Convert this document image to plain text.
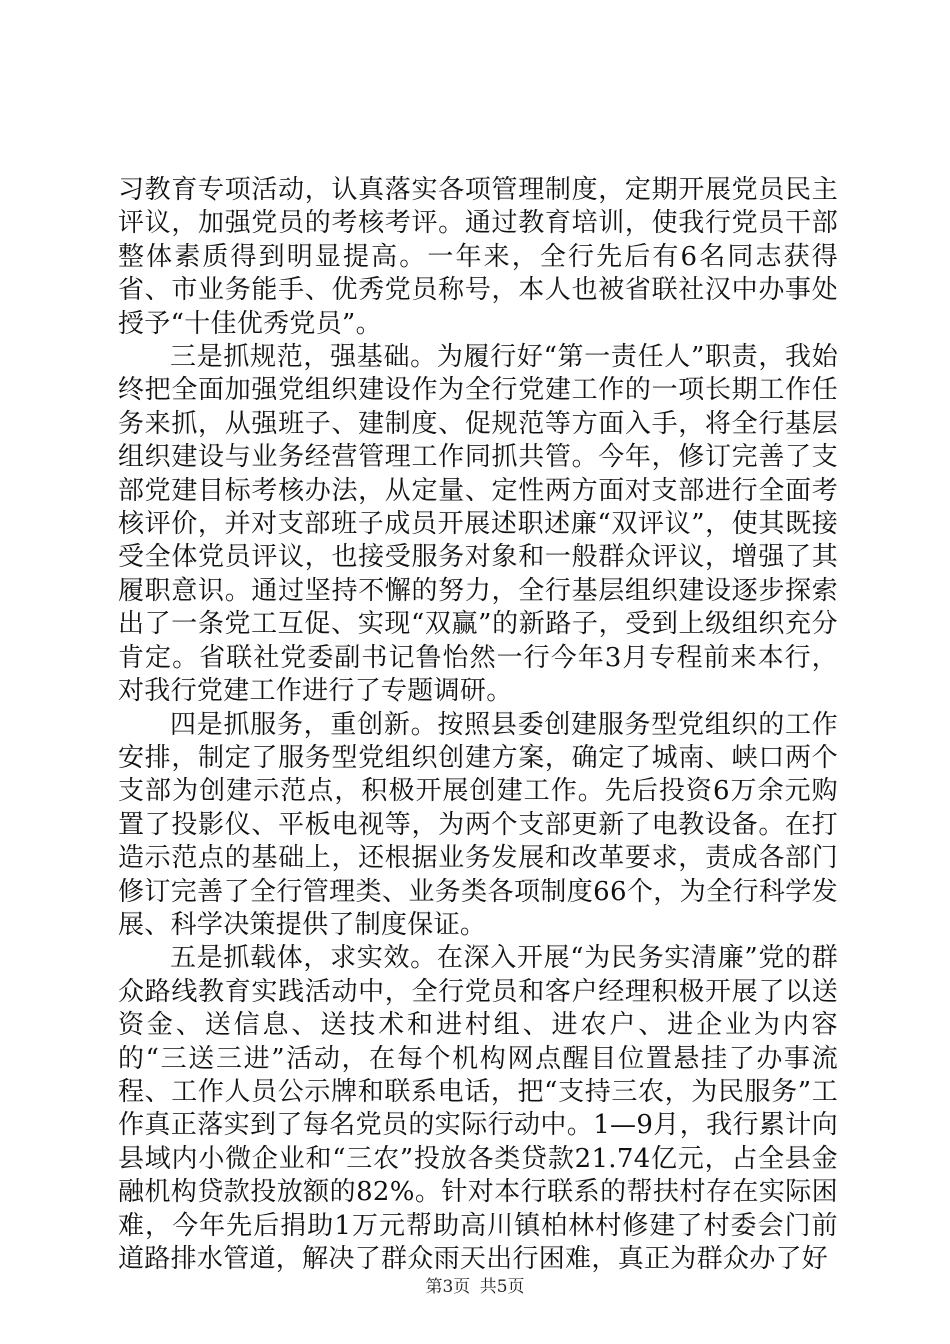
习教育专项活动，认真落实各项管理制度，定期开展党员民主评议，加强党员的考核考评。通过教育培训，使我行党员干部整体素质得到明显提高。一年来，全行先后有6名同志获得省、市业务能手、优秀党员称号，本人也被省联社汉中办事处授予“十佳优秀党员”。

三是抓规范，强基础。为履行好“第一责任人”职责，我始终把全面加强党组织建设作为全行党建工作的一项长期工作任务来抓，从强班子、建制度、促规范等方面入手，将全行基层组织建设与业务经营管理工作同抓共管。今年，修订完善了支部党建目标考核办法，从定量、定性两方面对支部进行全面考核评价，并对支部班子成员开展述职述廉“双评议”，使其既接受全体党员评议，也接受服务对象和一般群众评议，增强了其履职意识。通过坚持不懈的努力，全行基层组织建设逐步探索出了一条党工互促、实现“双赢”的新路子，受到上级组织充分肯定。省联社党委副书记鲁怡然一行今年3月专程前来本行，对我行党建工作进行了专题调研。

四是抓服务，重创新。按照县委创建服务型党组织的工作安排，制定了服务型党组织创建方案，确定了城南、峡口两个支部为创建示范点，积极开展创建工作。先后投资6万余元购置了投影仪、平板电视等，为两个支部更新了电教设备。在打造示范点的基础上，还根据业务发展和改革要求，责成各部门修订完善了全行管理类、业务类各项制度66个，为全行科学发展、科学决策提供了制度保证。

五是抓载体，求实效。在深入开展“为民务实清廉”党的群众路线教育实践活动中，全行党员和客户经理积极开展了以送资金、送信息、送技术和进村组、进农户、进企业为内容的“三送三进”活动，在每个机构网点醒目位置悬挂了办事流程、工作人员公示牌和联系电话，把“支持三农，为民服务”工作真正落实到了每名党员的实际行动中。1—9月，我行累计向县域内小微企业和“三农”投放各类贷款21.74亿元，占全县金融机构贷款投放额的82%。针对本行联系的帮扶村存在实际困难，今年先后捐助1万元帮助高川镇柏林村修建了村委会门前道路排水管道，解决了群众雨天出行困难，真正为群众办了好

第3页 共5页
